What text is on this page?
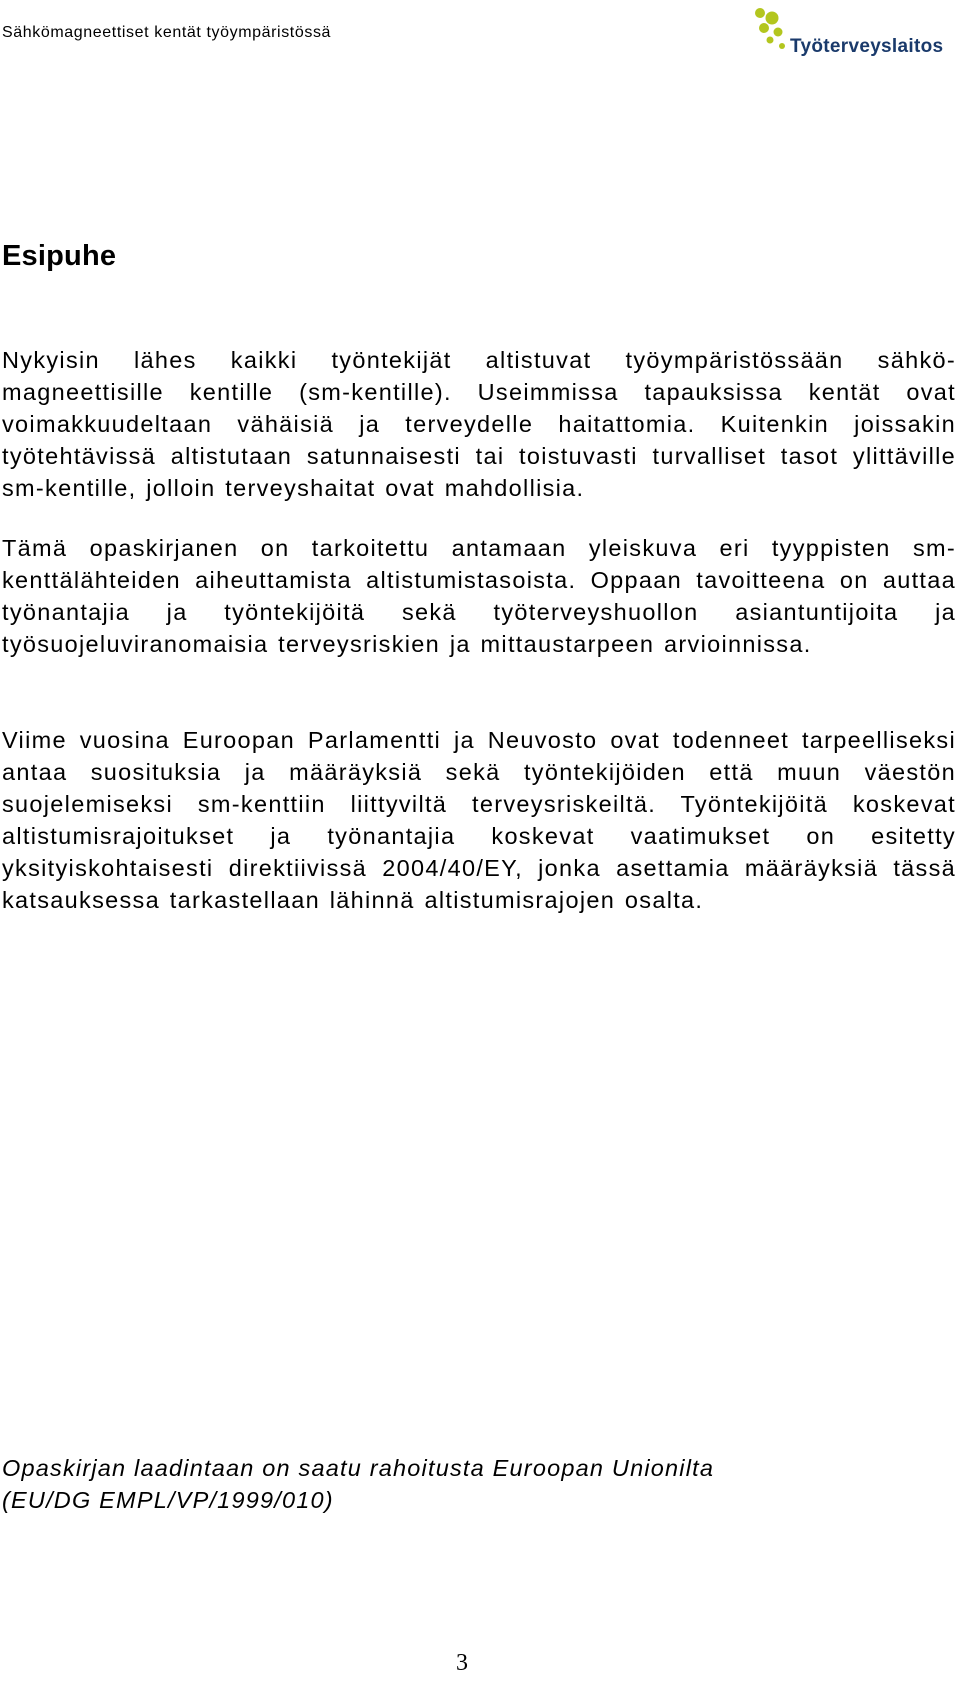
Sähkömagneettiset kentät työympäristössä
Työterveyslaitos
Esipuhe

Nykyisin lähes kaikki työntekijät altistuvat työympäristössään sähkö-magneettisille kentille (sm-kentille). Useimmissa tapauksissa kentät ovat voimakkuudeltaan vähäisiä ja terveydelle haitattomia. Kuitenkin joissakin työtehtävissä altistutaan satunnaisesti tai toistuvasti turvalliset tasot ylittäville sm-kentille, jolloin terveyshaitat ovat mahdollisia.

Tämä opaskirjanen on tarkoitettu antamaan yleiskuva eri tyyppisten sm-kenttälähteiden aiheuttamista altistumistasoista. Oppaan tavoitteena on auttaa työnantajia ja työntekijöitä sekä työterveyshuollon asiantuntijoita ja työsuojeluviranomaisia terveysriskien ja mittaustarpeen arvioinnissa.

Viime vuosina Euroopan Parlamentti ja Neuvosto ovat todenneet tarpeelliseksi antaa suosituksia ja määräyksiä sekä työntekijöiden että muun väestön suojelemiseksi sm-kenttiin liittyviltä terveysriskeiltä. Työntekijöitä koskevat altistumisrajoitukset ja työnantajia koskevat vaatimukset on esitetty yksityiskohtaisesti direktiivissä 2004/40/EY, jonka asettamia määräyksiä tässä katsauksessa tarkastellaan lähinnä altistumisrajojen osalta.

Opaskirjan laadintaan on saatu rahoitusta Euroopan Unionilta
(EU/DG EMPL/VP/1999/010)
3
